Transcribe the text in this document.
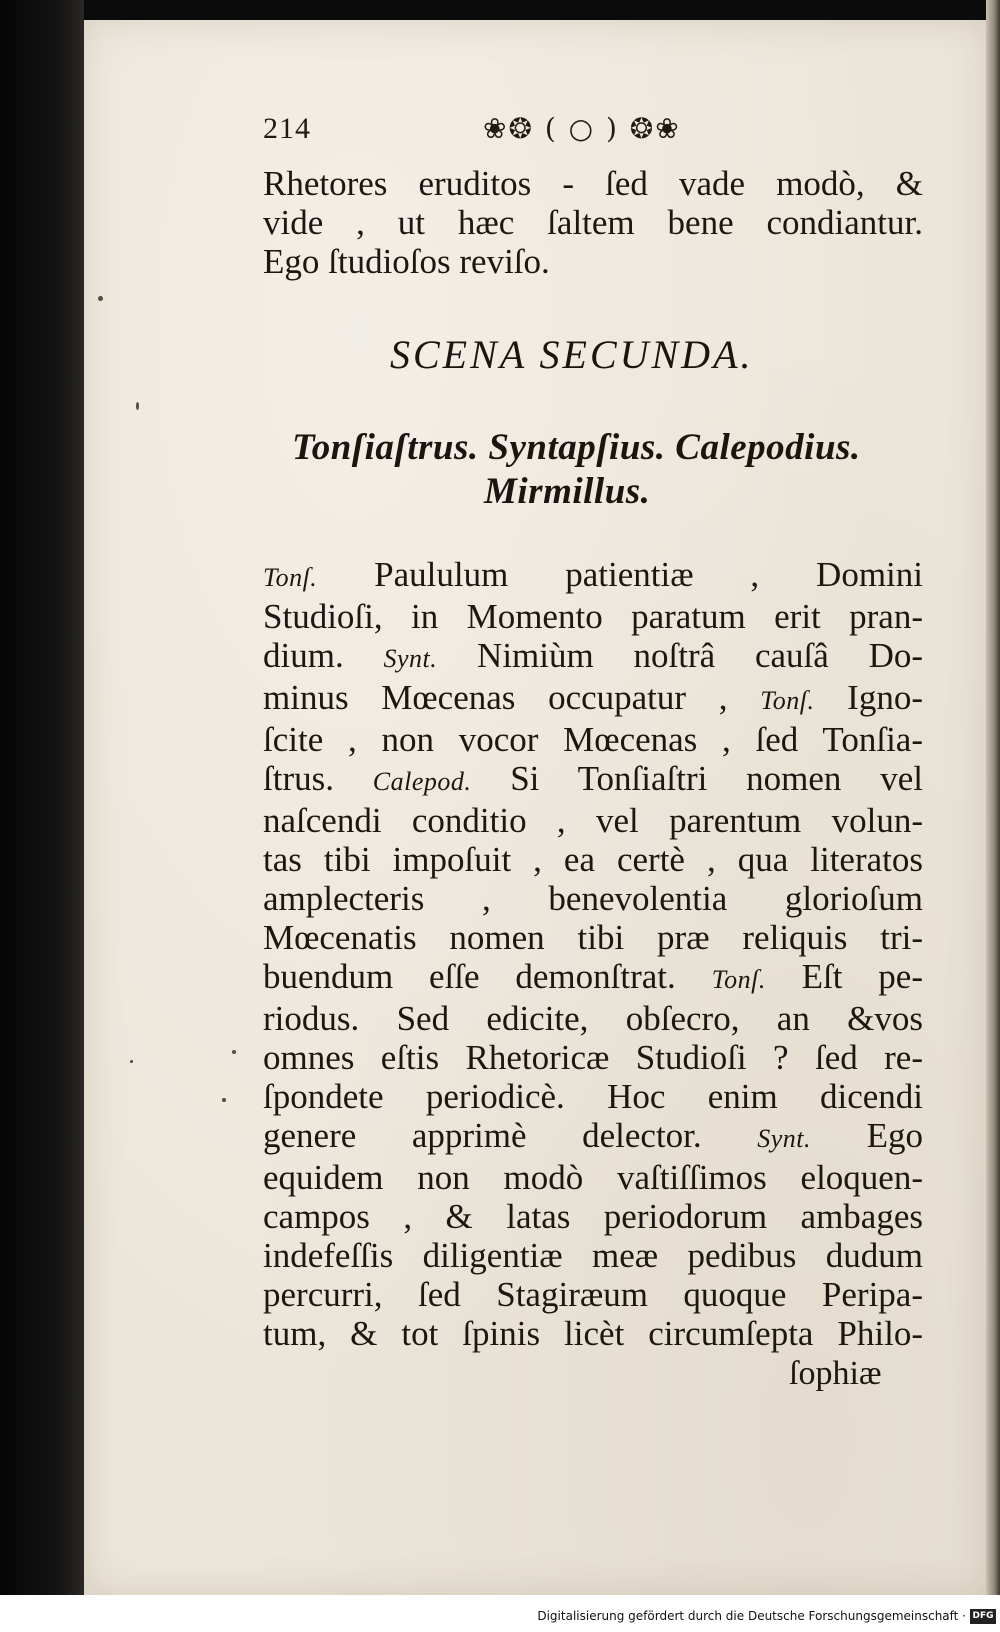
214	❀❂ ( ○ ) ❂❀
Rhetores eruditos - ſed vade modò, &
vide , ut hæc ſaltem bene condiantur.
Ego ſtudioſos reviſo.
SCENA SECUNDA.
Tonſiaſtrus. Syntapſius. Calepodius.
Mirmillus.
Tonſ. Paululum patientiæ , Domini
Studioſi, in Momento paratum erit pran-
dium. Synt. Nimiùm noſtrâ cauſâ Do-
minus Mœcenas occupatur , Tonſ. Igno-
ſcite , non vocor Mœcenas , ſed Tonſia-
ſtrus. Calepod. Si Tonſiaſtri nomen vel
naſcendi conditio , vel parentum volun-
tas tibi impoſuit , ea certè , qua literatos
amplecteris , benevolentia glorioſum
Mœcenatis nomen tibi præ reliquis tri-
buendum eſſe demonſtrat. Tonſ. Eſt pe-
riodus. Sed edicite, obſecro, an &vos
omnes eſtis Rhetoricæ Studioſi ? ſed re-
ſpondete periodicè. Hoc enim dicendi
genere apprimè delector. Synt. Ego
equidem non modò vaſtiſſimos eloquen-
campos , & latas periodorum ambages
indefeſſis diligentiæ meæ pedibus dudum
percurri, ſed Stagiræum quoque Peripa-
tum, & tot ſpinis licèt circumſepta Philo-
ſophiæ
Digitalisierung gefördert durch die Deutsche Forschungsgemeinschaft · DFG
